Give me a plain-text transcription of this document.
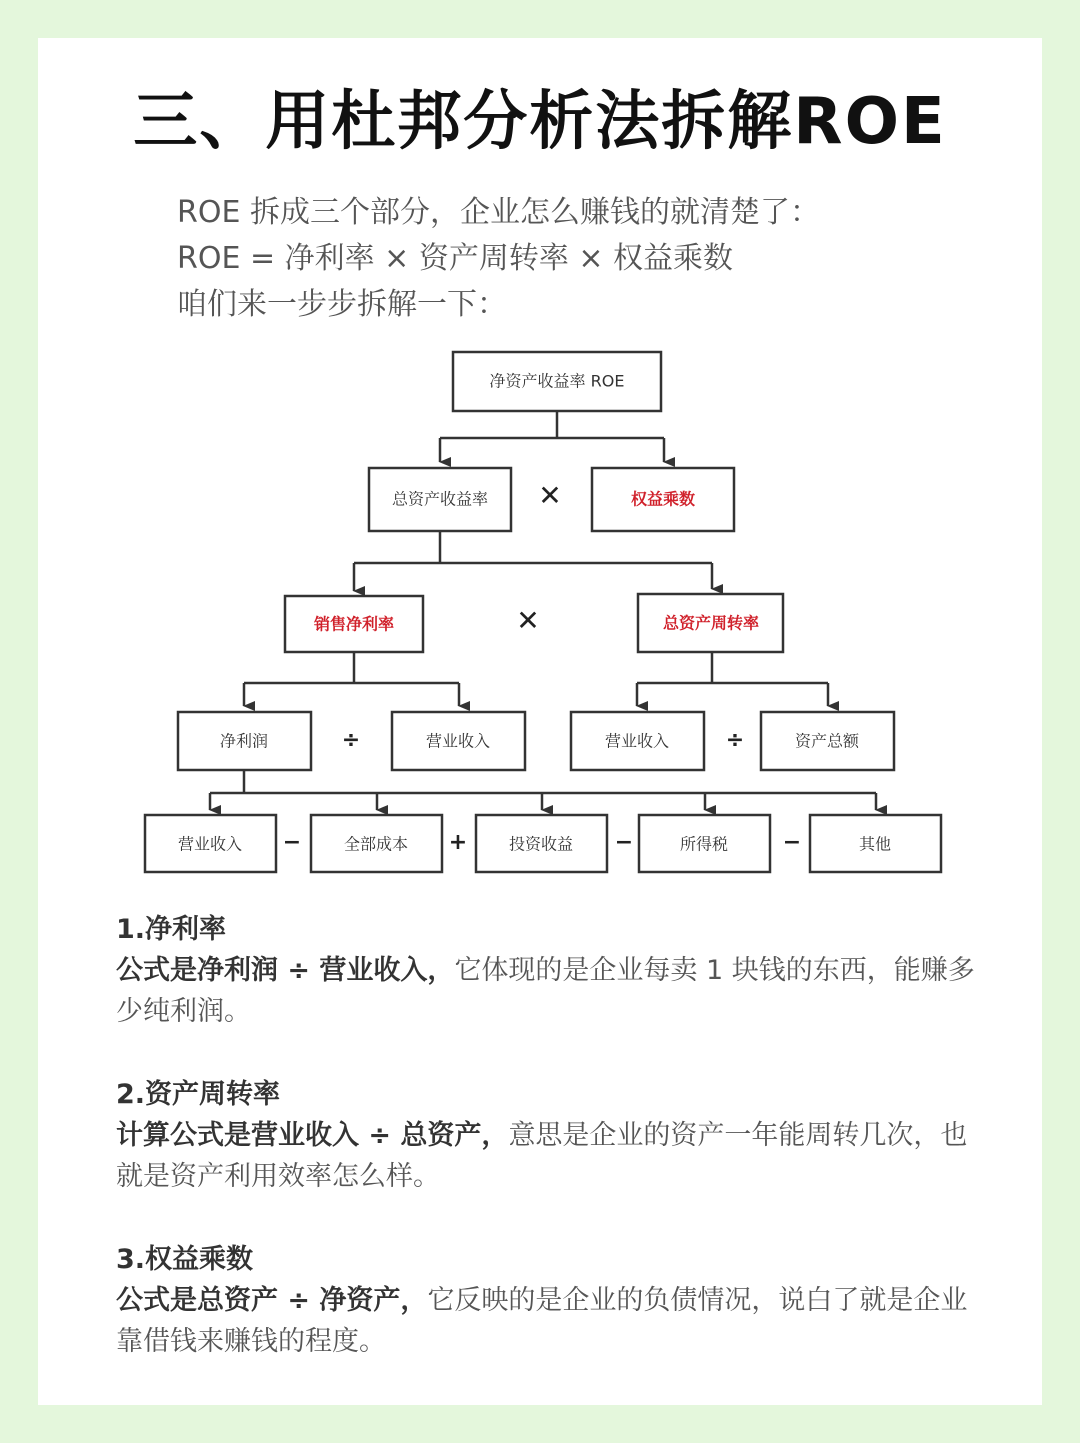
三、用杜邦分析法拆解ROE
ROE 拆成三个部分，企业怎么赚钱的就清楚了：
ROE = 净利率 × 资产周转率 × 权益乘数
咱们来一步步拆解一下：
净资产收益率 ROE
总资产收益率 ✕	权益乘数
销售净利率	✕	总资产周转率
净利润	÷	营业收入	营业收入	÷	资产总额
营业收入 −	全部成本 +	投资收益 −	所得税 −	其他
1.净利率
公式是净利润 ÷ 营业收入，它体现的是企业每卖 1 块钱的东西，能赚多少纯利润。
2.资产周转率
计算公式是营业收入 ÷ 总资产，意思是企业的资产一年能周转几次，也就是资产利用效率怎么样。
3.权益乘数
公式是总资产 ÷ 净资产，它反映的是企业的负债情况，说白了就是企业靠借钱来赚钱的程度。
